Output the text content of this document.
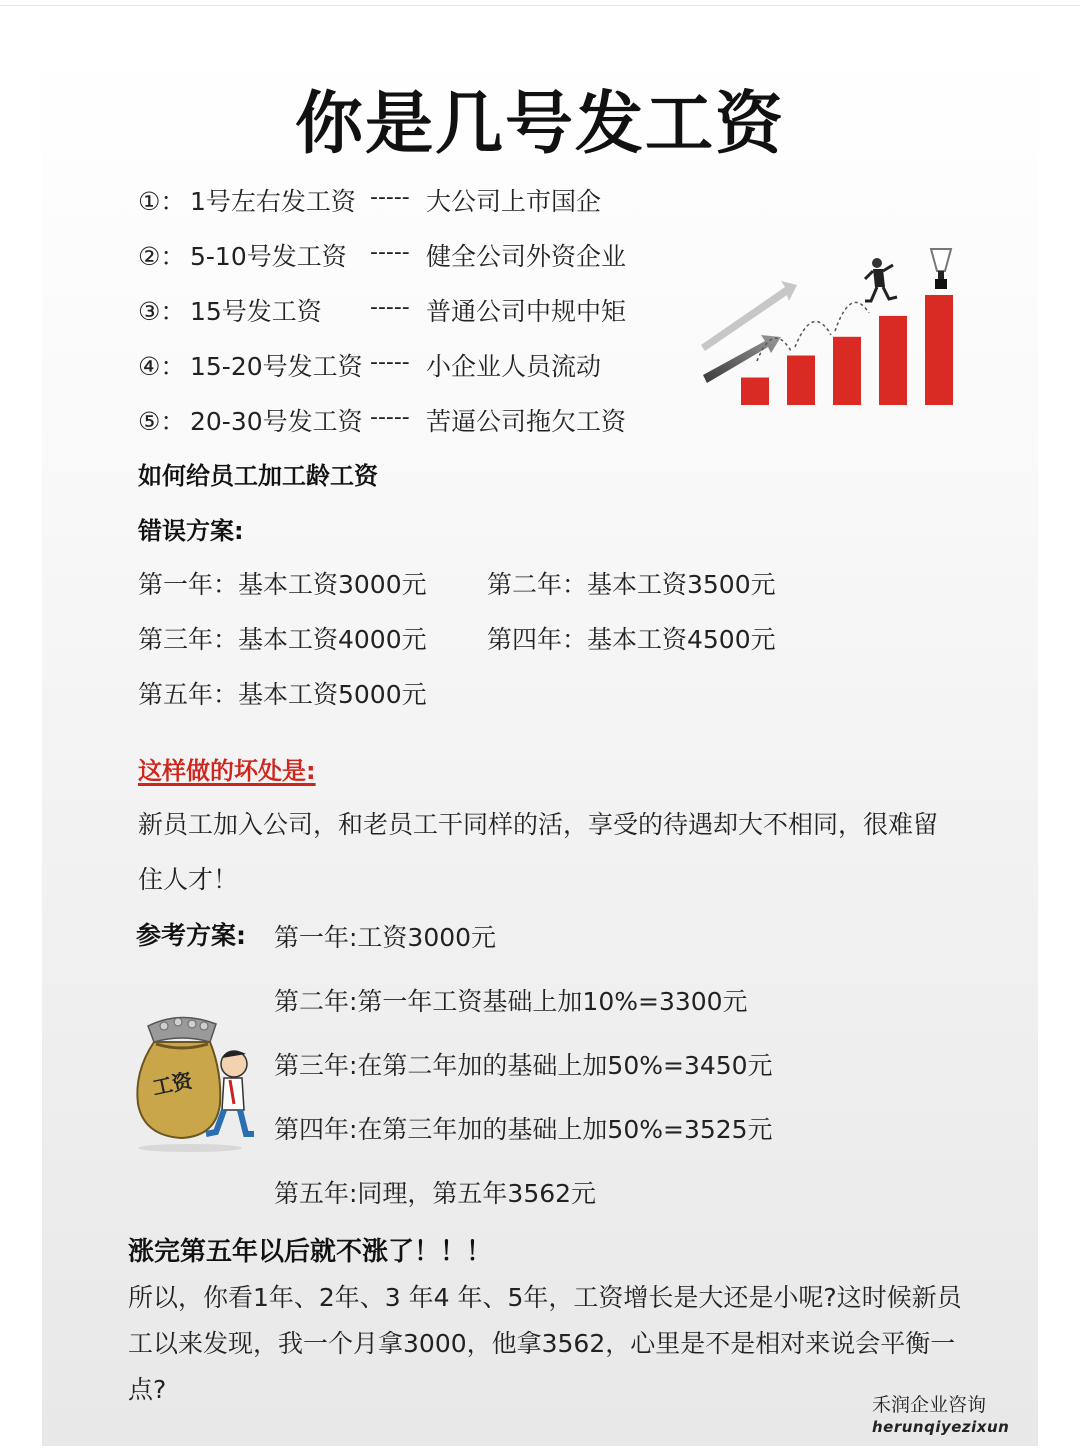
你是几号发工资
①： 1号左右发工资 ----- 大公司上市国企
②： 5-10号发工资 ----- 健全公司外资企业
③： 15号发工资 ----- 普通公司中规中矩
④： 15-20号发工资 ----- 小企业人员流动
⑤： 20-30号发工资 ----- 苦逼公司拖欠工资
如何给员工加工龄工资
错误方案:
第一年：基本工资3000元 第二年：基本工资3500元
第三年：基本工资4000元 第四年：基本工资4500元
第五年：基本工资5000元
这样做的坏处是:
新员工加入公司，和老员工干同样的活，享受的待遇却大不相同，很难留
住人才！
参考方案: 第一年:工资3000元
第二年:第一年工资基础上加10%=3300元
第三年:在第二年加的基础上加50%=3450元
第四年:在第三年加的基础上加50%=3525元
第五年:同理，第五年3562元
工资
涨完第五年以后就不涨了！！！
所以，你看1年、2年、3 年4 年、5年，工资增长是大还是小呢?这时候新员
工以来发现，我一个月拿3000，他拿3562，心里是不是相对来说会平衡一
点?
禾润企业咨询
herunqiyezixun
